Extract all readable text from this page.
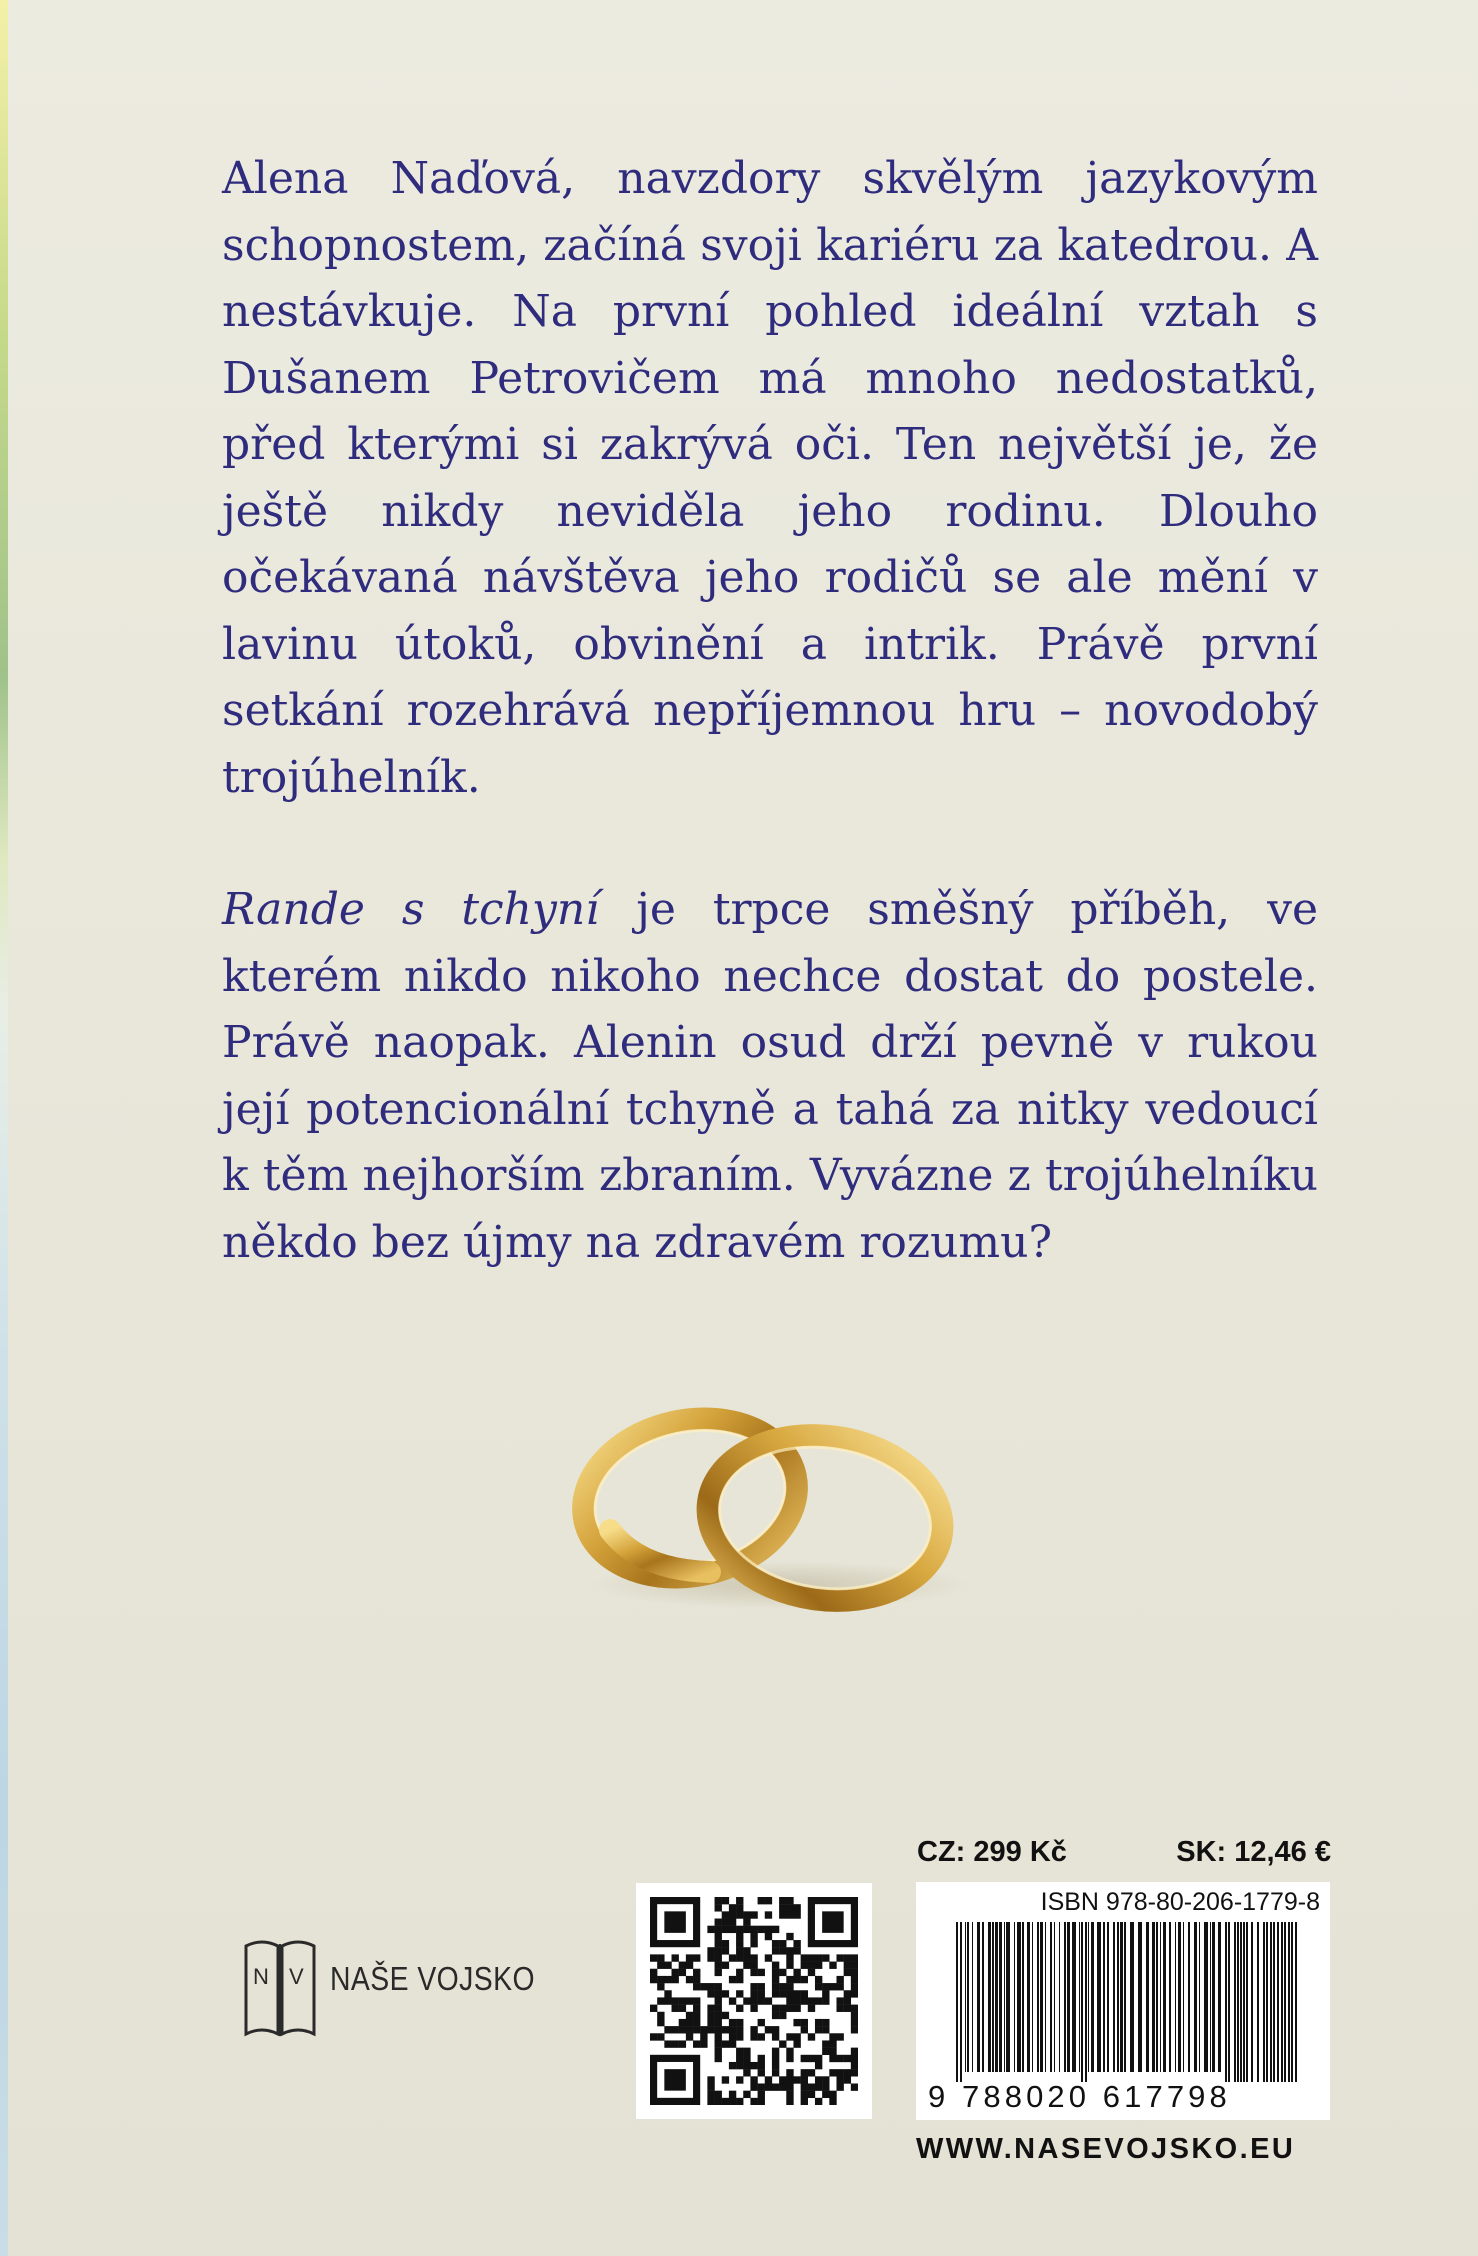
Alena Naďová, navzdory skvělým jazykovým schopnostem, začíná svoji kariéru za katedrou. A nestávkuje. Na první pohled ideální vztah s Dušanem Petrovičem má mnoho nedostatků, před kterými si zakrývá oči. Ten největší je, že ještě nikdy neviděla jeho rodinu. Dlouho očekávaná návštěva jeho rodičů se ale mění v lavinu útoků, obvinění a intrik. Právě první setkání rozehrává nepříjemnou hru – novodobý trojúhelník.

Rande s tchyní je trpce směšný příběh, ve kterém nikdo nikoho nechce dostat do postele. Právě naopak. Alenin osud drží pevně v rukou její potencionální tchyně a tahá za nitky vedoucí k těm nejhorším zbraním. Vyvázne z trojúhelníku někdo bez újmy na zdravém rozumu?

N V NAŠE VOJSKO
CZ: 299 Kč	SK: 12,46 €
ISBN 978-80-206-1779-8
9 788020 617798
WWW.NASEVOJSKO.EU
